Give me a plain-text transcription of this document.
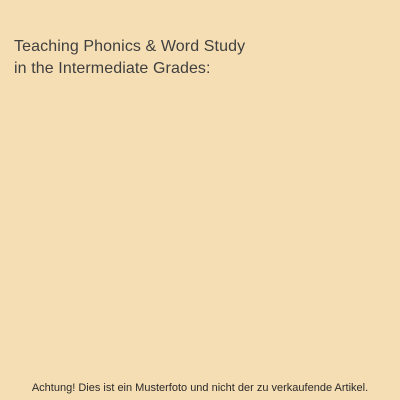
Teaching Phonics & Word Study
in the Intermediate Grades:
Achtung! Dies ist ein Musterfoto und nicht der zu verkaufende Artikel.
